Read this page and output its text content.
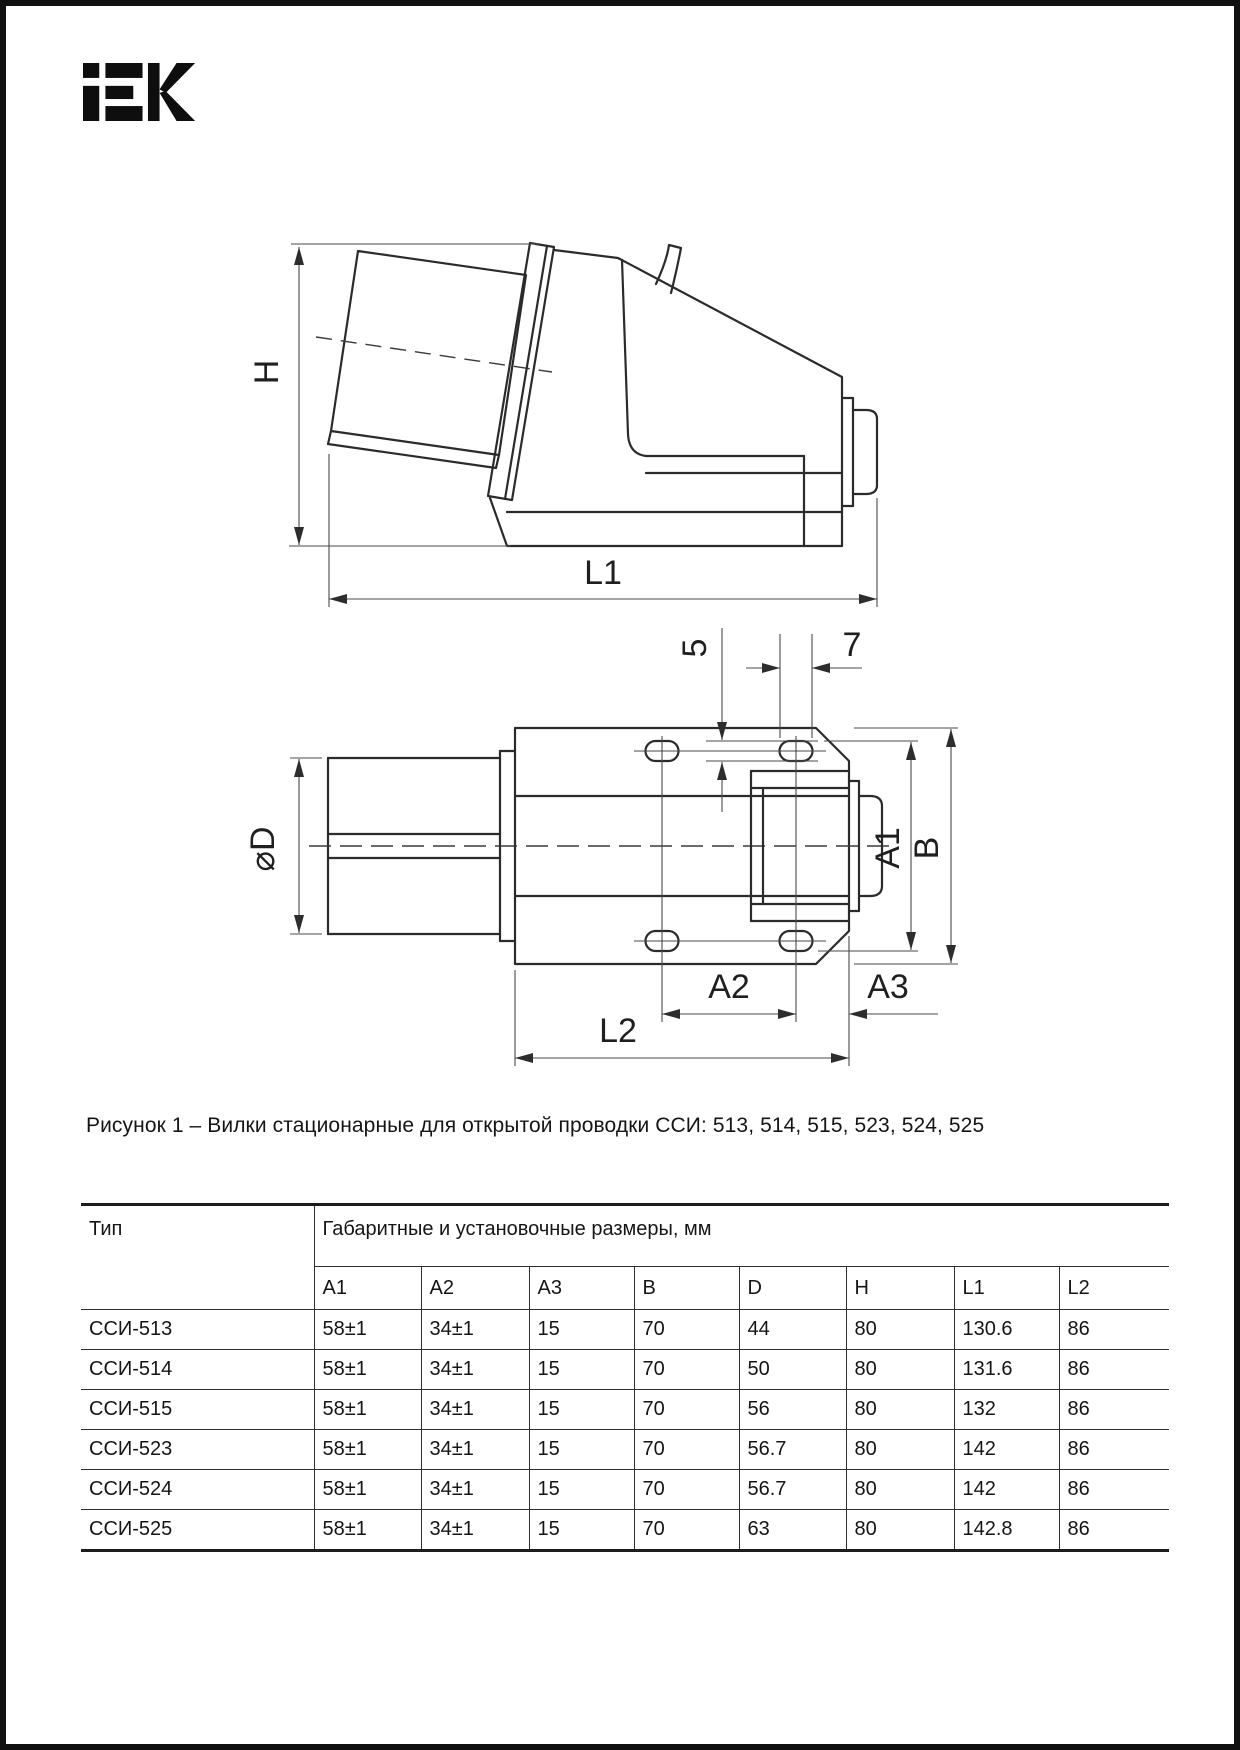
H
L1
⌀D
5	7
A1 B
A2	A3
L2
Рисунок 1 – Вилки стационарные для открытой проводки ССИ: 513, 514, 515, 523, 524, 525
Тип	Габаритные и установочные размеры, мм							
	A1	A2	A3	B	D	H	L1	L2
ССИ-513	58±1	34±1	15	70	44	80	130.6	86
ССИ-514	58±1	34±1	15	70	50	80	131.6	86
ССИ-515	58±1	34±1	15	70	56	80	132	86
ССИ-523	58±1	34±1	15	70	56.7	80	142	86
ССИ-524	58±1	34±1	15	70	56.7	80	142	86
ССИ-525	58±1	34±1	15	70	63	80	142.8	86
